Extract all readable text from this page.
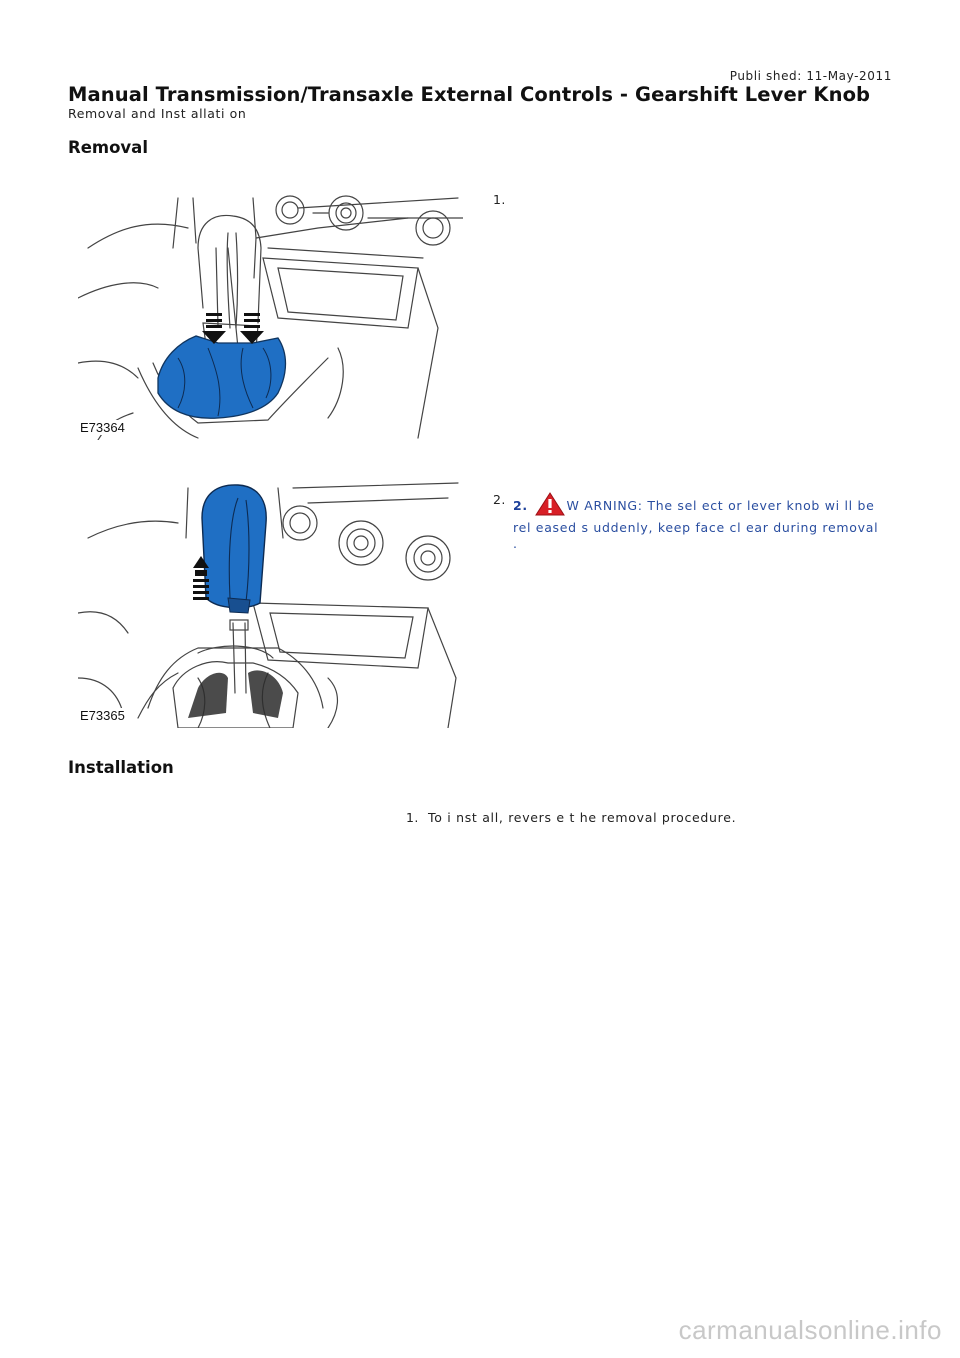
Publi shed: 11-May-2011
Manual Transmission/Transaxle External Controls - Gearshift Lever Knob
Removal and Inst allati on
Removal
E73364
1.
E73365
2. 2.	W ARNING: The sel ect or lever knob wi ll be rel eased s uddenly, keep face cl ear during removal .
Installation
1. To i nst all, revers e t he removal procedure.
carmanualsonline.info
